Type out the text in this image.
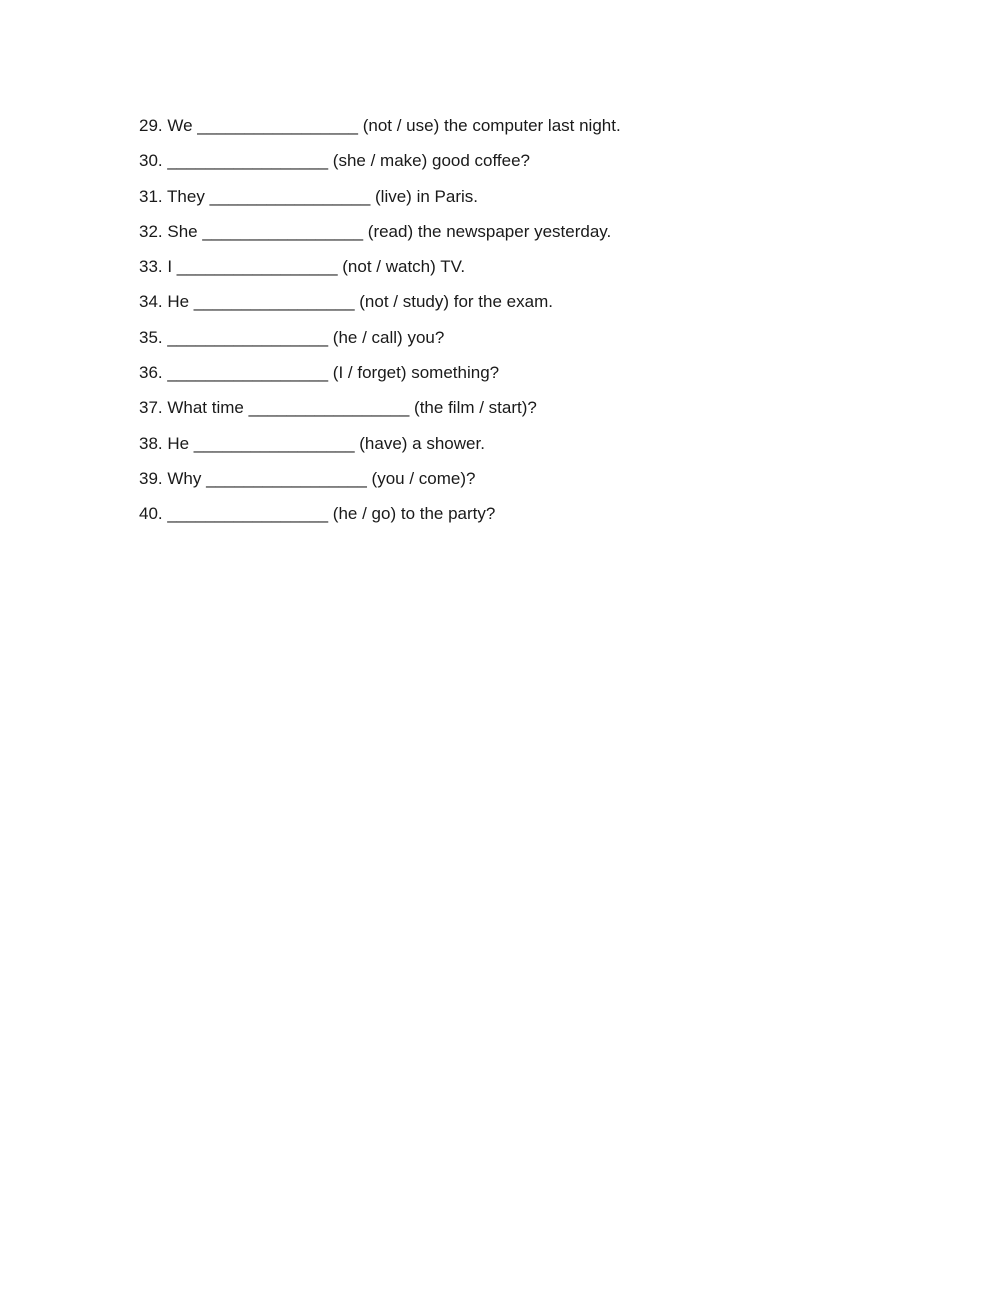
29. We _________________ (not / use) the computer last night.
30. _________________ (she / make) good coffee?
31. They _________________ (live) in Paris.
32. She _________________ (read) the newspaper yesterday.
33. I _________________ (not / watch) TV.
34. He _________________ (not / study) for the exam.
35. _________________ (he / call) you?
36. _________________ (I / forget) something?
37. What time _________________ (the film / start)?
38. He _________________ (have) a shower.
39. Why _________________ (you / come)?
40. _________________ (he / go) to the party?
